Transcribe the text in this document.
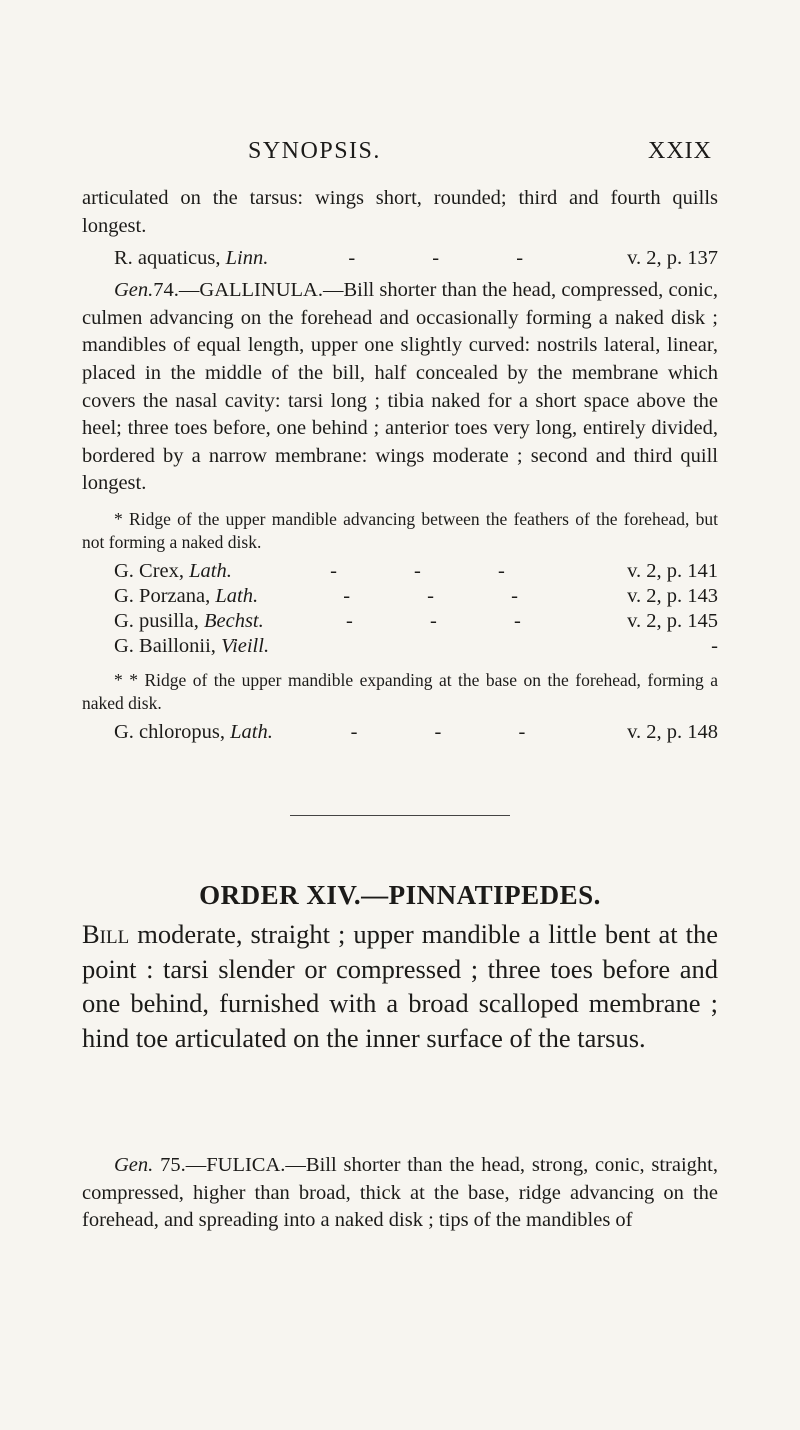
SYNOPSIS.	XXIX

articulated on the tarsus: wings short, rounded; third and fourth quills longest.

R. aquaticus, Linn.	- - -	v. 2, p. 137

Gen.74.—GALLINULA.—Bill shorter than the head, compressed, conic, culmen advancing on the forehead and occasionally forming a naked disk ; mandibles of equal length, upper one slightly curved: nostrils lateral, linear, placed in the middle of the bill, half concealed by the membrane which covers the nasal cavity: tarsi long ; tibia naked for a short space above the heel; three toes before, one behind ; anterior toes very long, entirely divided, bordered by a narrow membrane: wings moderate ; second and third quill longest.

* Ridge of the upper mandible advancing between the feathers of the forehead, but not forming a naked disk.

G. Crex, Lath.	- - -	v. 2, p. 141
G. Porzana, Lath.	- - -	v. 2, p. 143
G. pusilla, Bechst.	- - -	v. 2, p. 145
G. Baillonii, Vieill.	-

* * Ridge of the upper mandible expanding at the base on the forehead, forming a naked disk.

G. chloropus, Lath.	- - -	v. 2, p. 148
ORDER XIV.—PINNATIPEDES.

Bill moderate, straight ; upper mandible a little bent at the point : tarsi slender or compressed ; three toes before and one behind, furnished with a broad scalloped membrane ; hind toe articulated on the inner surface of the tarsus.

Gen. 75.—FULICA.—Bill shorter than the head, strong, conic, straight, compressed, higher than broad, thick at the base, ridge advancing on the forehead, and spreading into a naked disk ; tips of the mandibles of
